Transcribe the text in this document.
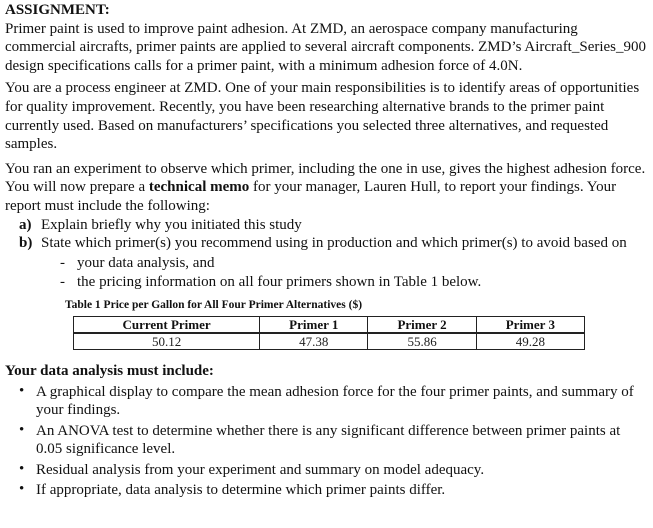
ASSIGNMENT:

Primer paint is used to improve paint adhesion. At ZMD, an aerospace company manufacturing commercial aircrafts, primer paints are applied to several aircraft components. ZMD’s Aircraft_Series_900 design specifications calls for a primer paint, with a minimum adhesion force of 4.0N.

You are a process engineer at ZMD. One of your main responsibilities is to identify areas of opportunities for quality improvement. Recently, you have been researching alternative brands to the primer paint currently used. Based on manufacturers’ specifications you selected three alternatives, and requested samples.

You ran an experiment to observe which primer, including the one in use, gives the highest adhesion force. You will now prepare a technical memo for your manager, Lauren Hull, to report your findings. Your report must include the following:

a) Explain briefly why you initiated this study
b) State which primer(s) you recommend using in production and which primer(s) to avoid based on
- your data analysis, and
- the pricing information on all four primers shown in Table 1 below.
Table 1 Price per Gallon for All Four Primer Alternatives ($)
Current Primer	Primer 1	Primer 2	Primer 3
50.12	47.38	55.86	49.28
Your data analysis must include:
• A graphical display to compare the mean adhesion force for the four primer paints, and summary of your findings.
• An ANOVA test to determine whether there is any significant difference between primer paints at 0.05 significance level.
• Residual analysis from your experiment and summary on model adequacy.
• If appropriate, data analysis to determine which primer paints differ.
